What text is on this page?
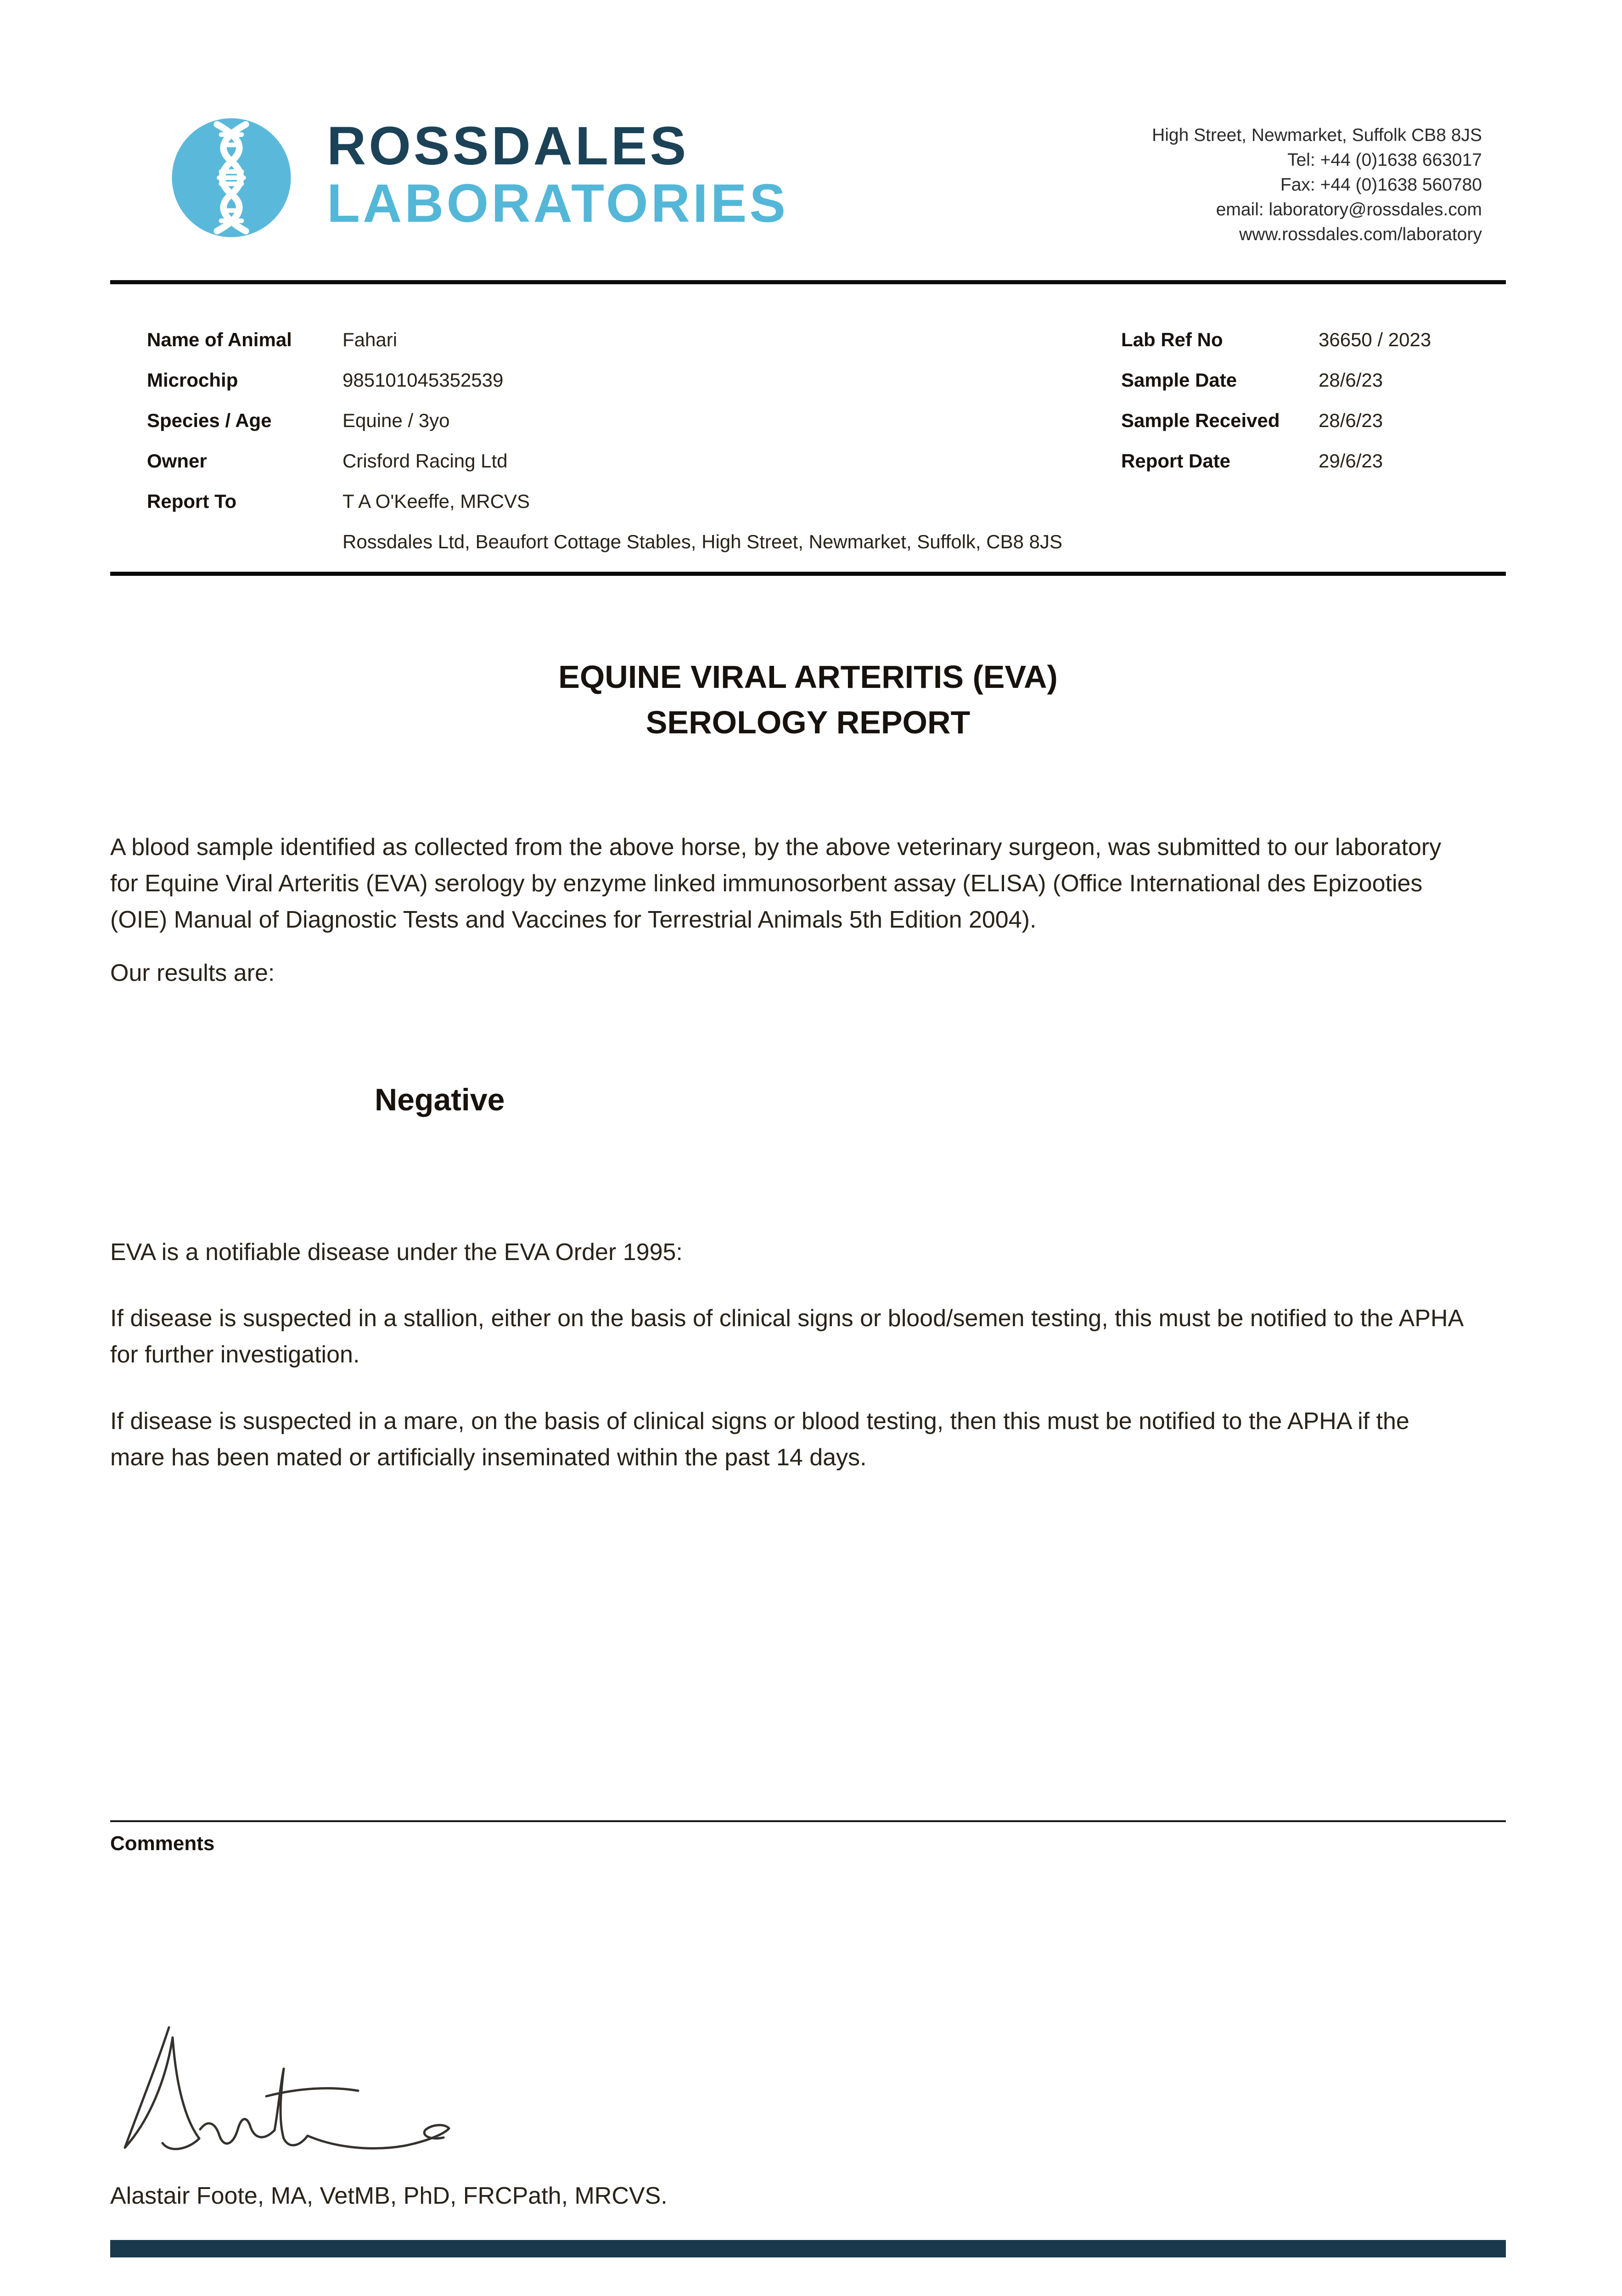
ROSSDALES
LABORATORIES
High Street, Newmarket, Suffolk CB8 8JS
Tel: +44 (0)1638 663017
Fax: +44 (0)1638 560780
email: laboratory@rossdales.com
www.rossdales.com/laboratory
Name of Animal	Fahari
Microchip	985101045352539
Species / Age	Equine / 3yo
Owner	Crisford Racing Ltd
Report To	T A O'Keeffe, MRCVS
Rossdales Ltd, Beaufort Cottage Stables, High Street, Newmarket, Suffolk, CB8 8JS
Lab Ref No	36650 / 2023
Sample Date	28/6/23
Sample Received	28/6/23
Report Date	29/6/23
EQUINE VIRAL ARTERITIS (EVA)
SEROLOGY REPORT

A blood sample identified as collected from the above horse, by the above veterinary surgeon, was submitted to our laboratory for Equine Viral Arteritis (EVA) serology by enzyme linked immunosorbent assay (ELISA) (Office International des Epizooties (OIE) Manual of Diagnostic Tests and Vaccines for Terrestrial Animals 5th Edition 2004).

Our results are:

Negative

EVA is a notifiable disease under the EVA Order 1995:

If disease is suspected in a stallion, either on the basis of clinical signs or blood/semen testing, this must be notified to the APHA for further investigation.

If disease is suspected in a mare, on the basis of clinical signs or blood testing, then this must be notified to the APHA if the mare has been mated or artificially inseminated within the past 14 days.

Comments
Alastair Foote, MA, VetMB, PhD, FRCPath, MRCVS.
